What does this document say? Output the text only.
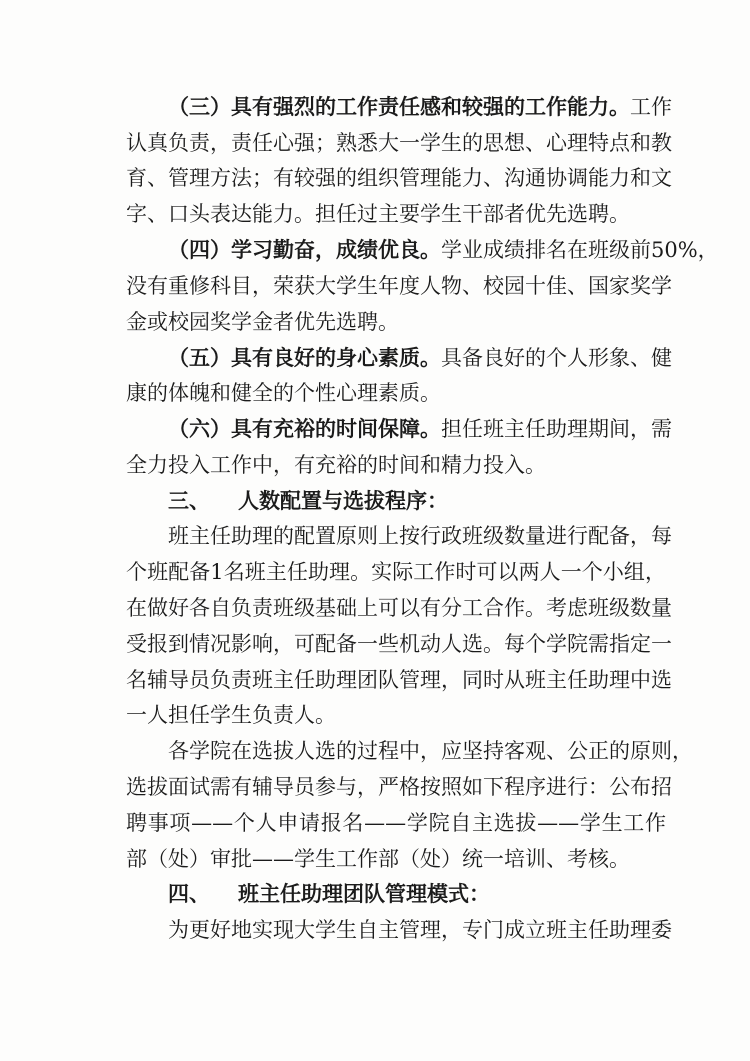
（三）具有强烈的工作责任感和较强的工作能力。工作
认真负责，责任心强；熟悉大一学生的思想、心理特点和教
育、管理方法；有较强的组织管理能力、沟通协调能力和文
字、口头表达能力。担任过主要学生干部者优先选聘。
（四）学习勤奋，成绩优良。学业成绩排名在班级前50%，
没有重修科目，荣获大学生年度人物、校园十佳、国家奖学
金或校园奖学金者优先选聘。
（五）具有良好的身心素质。具备良好的个人形象、健
康的体魄和健全的个性心理素质。
（六）具有充裕的时间保障。担任班主任助理期间，需
全力投入工作中，有充裕的时间和精力投入。
三、 人数配置与选拔程序：
班主任助理的配置原则上按行政班级数量进行配备，每
个班配备1名班主任助理。实际工作时可以两人一个小组，
在做好各自负责班级基础上可以有分工合作。考虑班级数量
受报到情况影响，可配备一些机动人选。每个学院需指定一
名辅导员负责班主任助理团队管理，同时从班主任助理中选
一人担任学生负责人。
各学院在选拔人选的过程中，应坚持客观、公正的原则，
选拔面试需有辅导员参与，严格按照如下程序进行：公布招
聘事项——个人申请报名——学院自主选拔——学生工作
部（处）审批——学生工作部（处）统一培训、考核。
四、 班主任助理团队管理模式：
为更好地实现大学生自主管理，专门成立班主任助理委
